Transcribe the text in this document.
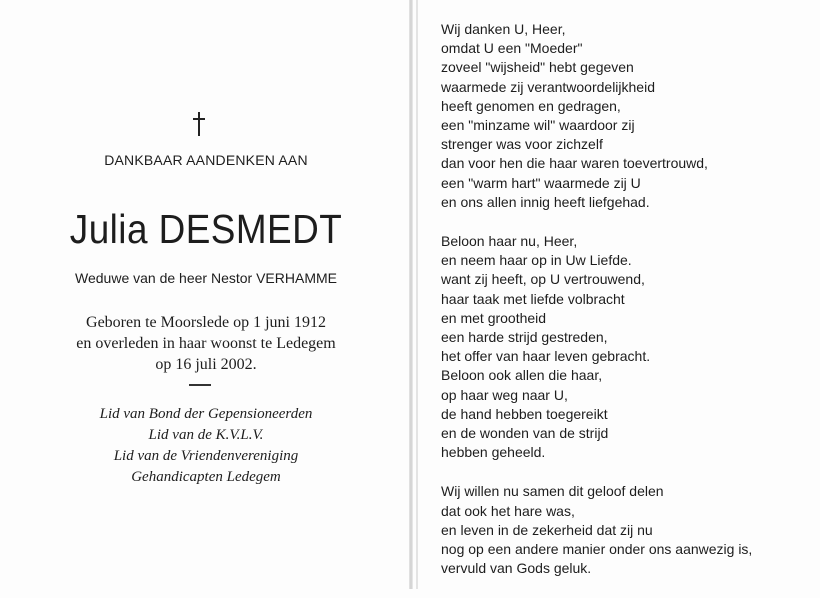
DANKBAAR AANDENKEN AAN
Julia DESMEDT
Weduwe van de heer Nestor VERHAMME
Geboren te Moorslede op 1 juni 1912
en overleden in haar woonst te Ledegem
op 16 juli 2002.
Lid van Bond der Gepensioneerden
Lid van de K.V.L.V.
Lid van de Vriendenvereniging
Gehandicapten Ledegem
Wij danken U, Heer,
omdat U een "Moeder"
zoveel "wijsheid" hebt gegeven
waarmede zij verantwoordelijkheid
heeft genomen en gedragen,
een "minzame wil" waardoor zij
strenger was voor zichzelf
dan voor hen die haar waren toevertrouwd,
een "warm hart" waarmede zij U
en ons allen innig heeft liefgehad.
Beloon haar nu, Heer,
en neem haar op in Uw Liefde.
want zij heeft, op U vertrouwend,
haar taak met liefde volbracht
en met grootheid
een harde strijd gestreden,
het offer van haar leven gebracht.
Beloon ook allen die haar,
op haar weg naar U,
de hand hebben toegereikt
en de wonden van de strijd
hebben geheeld.
Wij willen nu samen dit geloof delen
dat ook het hare was,
en leven in de zekerheid dat zij nu
nog op een andere manier onder ons aanwezig is,
vervuld van Gods geluk.
